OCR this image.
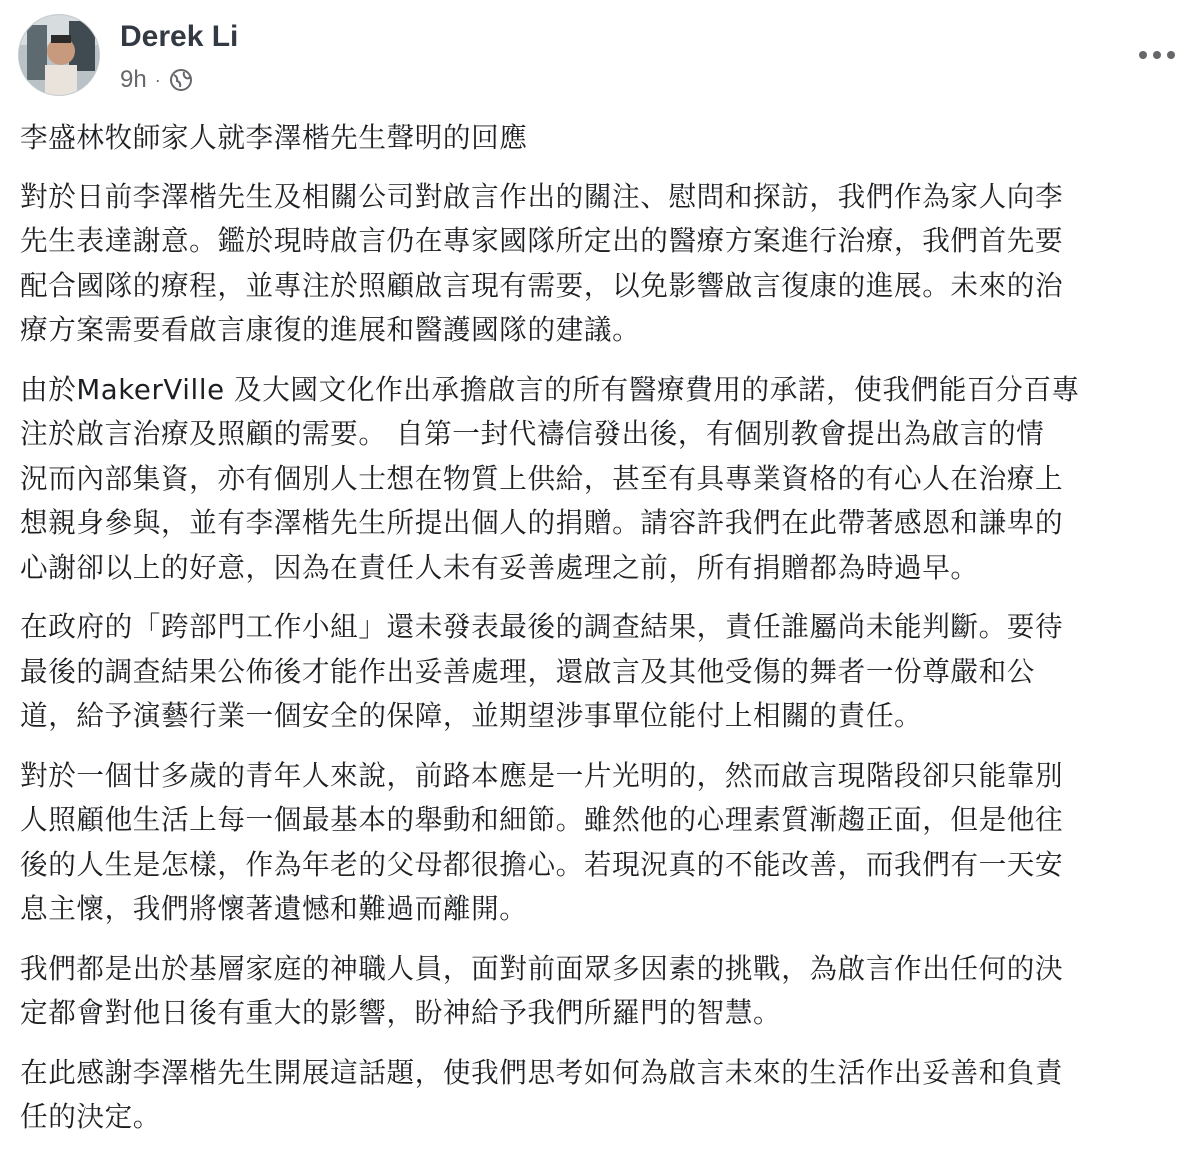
Derek Li
9h ·

李盛林牧師家人就李澤楷先生聲明的回應

對於日前李澤楷先生及相關公司對啟言作出的關注、慰問和探訪，我們作為家人向李
先生表達謝意。鑑於現時啟言仍在專家國隊所定出的醫療方案進行治療，我們首先要
配合國隊的療程，並專注於照顧啟言現有需要，以免影響啟言復康的進展。未來的治
療方案需要看啟言康復的進展和醫護國隊的建議。

由於MakerVille 及大國文化作出承擔啟言的所有醫療費用的承諾，使我們能百分百專
注於啟言治療及照顧的需要。 自第一封代禱信發出後，有個別教會提出為啟言的情
況而內部集資，亦有個別人士想在物質上供給，甚至有具專業資格的有心人在治療上
想親身參與，並有李澤楷先生所提出個人的捐贈。請容許我們在此帶著感恩和謙卑的
心謝卻以上的好意，因為在責任人未有妥善處理之前，所有捐贈都為時過早。

在政府的「跨部門工作小組」還未發表最後的調查結果，責任誰屬尚未能判斷。要待
最後的調查結果公佈後才能作出妥善處理，還啟言及其他受傷的舞者一份尊嚴和公
道，給予演藝行業一個安全的保障，並期望涉事單位能付上相關的責任。

對於一個廿多歲的青年人來說，前路本應是一片光明的，然而啟言現階段卻只能靠別
人照顧他生活上每一個最基本的舉動和細節。雖然他的心理素質漸趨正面，但是他往
後的人生是怎樣，作為年老的父母都很擔心。若現況真的不能改善，而我們有一天安
息主懷，我們將懷著遺憾和難過而離開。

我們都是出於基層家庭的神職人員，面對前面眾多因素的挑戰，為啟言作出任何的決
定都會對他日後有重大的影響，盼神給予我們所羅門的智慧。

在此感謝李澤楷先生開展這話題，使我們思考如何為啟言未來的生活作出妥善和負責
任的決定。
